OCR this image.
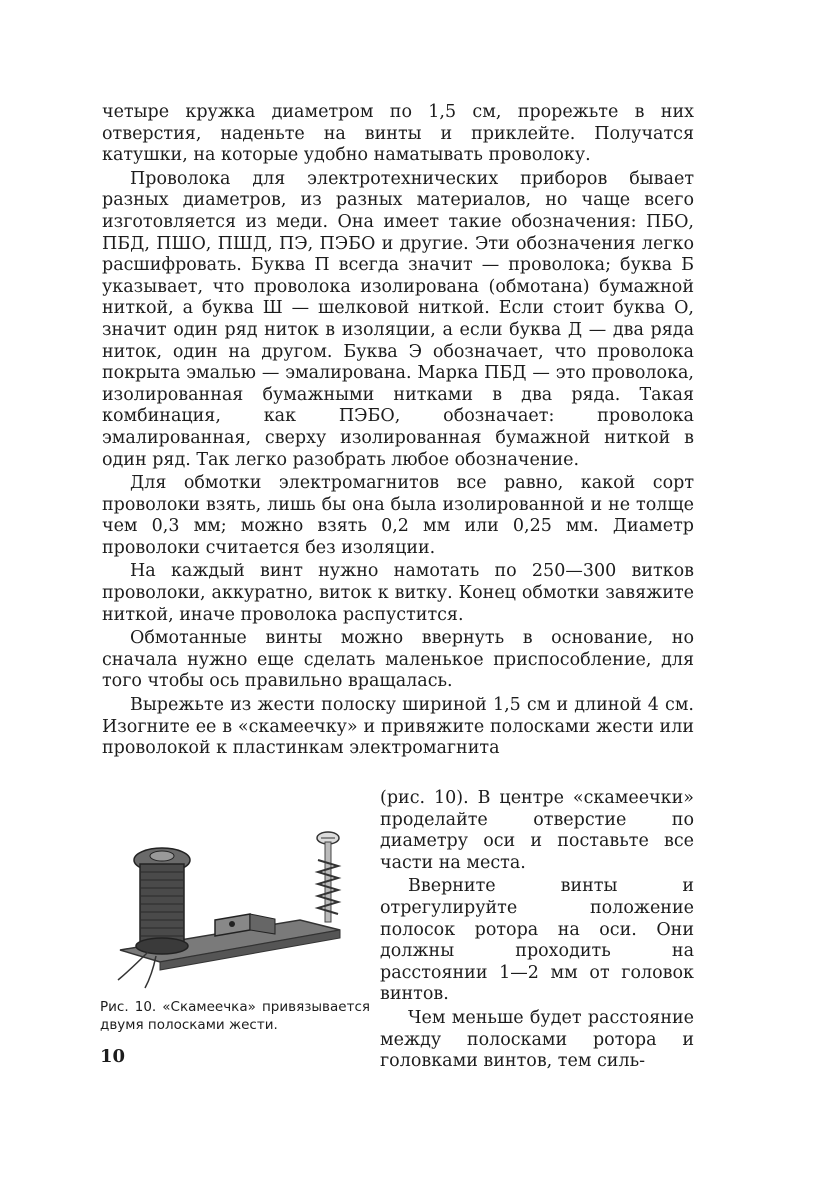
четыре кружка диаметром по 1,5 см, прорежьте в них отверстия, наденьте на винты и приклейте. Получатся катушки, на которые удобно наматывать проволоку.

Проволока для электротехнических приборов бывает разных диаметров, из разных материалов, но чаще всего изготовляется из меди. Она имеет такие обозначения: ПБО, ПБД, ПШО, ПШД, ПЭ, ПЭБО и другие. Эти обозначения легко расшифровать. Буква П всегда значит — проволока; буква Б указывает, что проволока изолирована (обмотана) бумажной ниткой, а буква Ш — шелковой ниткой. Если стоит буква О, значит один ряд ниток в изоляции, а если буква Д — два ряда ниток, один на другом. Буква Э обозначает, что проволока покрыта эмалью — эмалирована. Марка ПБД — это проволока, изолированная бумажными нитками в два ряда. Такая комбинация, как ПЭБО, обозначает: проволока эмалированная, сверху изолированная бумажной ниткой в один ряд. Так легко разобрать любое обозначение.

Для обмотки электромагнитов все равно, какой сорт проволоки взять, лишь бы она была изолированной и не толще чем 0,3 мм; можно взять 0,2 мм или 0,25 мм. Диаметр проволоки считается без изоляции.

На каждый винт нужно намотать по 250—300 витков проволоки, аккуратно, виток к витку. Конец обмотки завяжите ниткой, иначе проволока распустится.

Обмотанные винты можно ввернуть в основание, но сначала нужно еще сделать маленькое приспособление, для того чтобы ось правильно вращалась.

Вырежьте из жести полоску шириной 1,5 см и длиной 4 см. Изогните ее в «скамеечку» и привяжите полосками жести или проволокой к пластинкам электромагнита

Рис. 10. «Скамеечка» привязывается двумя полосками жести.

(рис. 10). В центре «скамеечки» проделайте отверстие по диаметру оси и поставьте все части на места.

Вверните винты и отрегулируйте положение полосок ротора на оси. Они должны проходить на расстоянии 1—2 мм от головок винтов.

Чем меньше будет расстояние между полосками ротора и головками винтов, тем силь-

10
